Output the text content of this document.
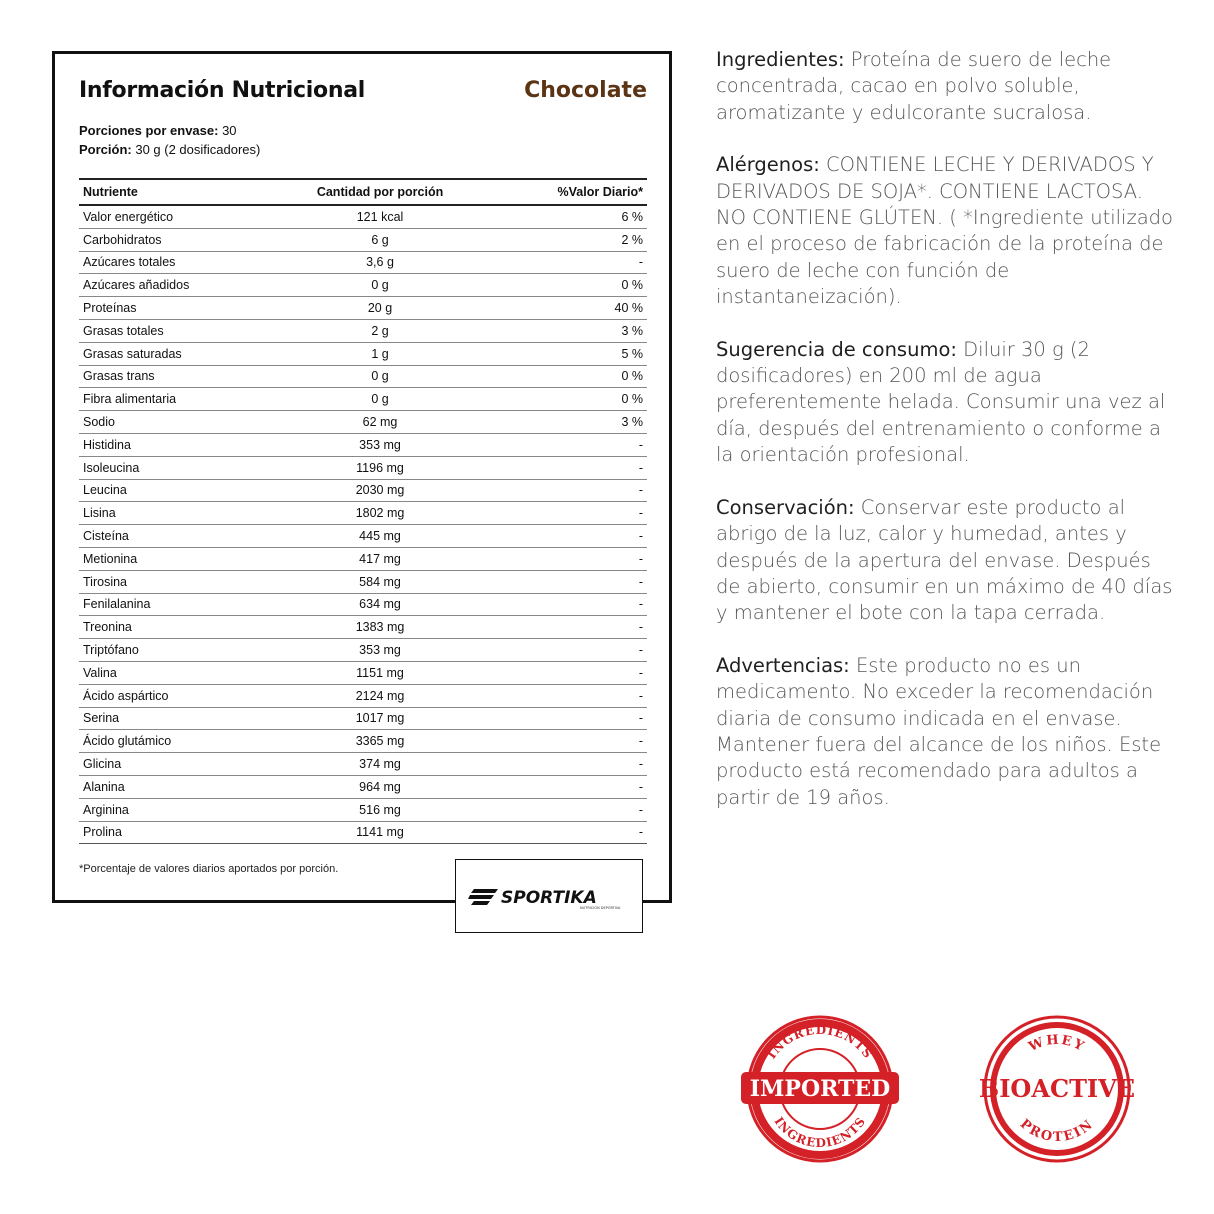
Información Nutricional	Chocolate
Porciones por envase: 30
Porción: 30 g (2 dosificadores)
Nutriente	Cantidad por porción	%Valor Diario*
Valor energético	121 kcal	6 %
Carbohidratos	6 g	2 %
Azúcares totales	3,6 g	-
Azúcares añadidos	0 g	0 %
Proteínas	20 g	40 %
Grasas totales	2 g	3 %
Grasas saturadas	1 g	5 %
Grasas trans	0 g	0 %
Fibra alimentaria	0 g	0 %
Sodio	62 mg	3 %
Histidina	353 mg	-
Isoleucina	1196 mg	-
Leucina	2030 mg	-
Lisina	1802 mg	-
Cisteína	445 mg	-
Metionina	417 mg	-
Tirosina	584 mg	-
Fenilalanina	634 mg	-
Treonina	1383 mg	-
Triptófano	353 mg	-
Valina	1151 mg	-
Ácido aspártico	2124 mg	-
Serina	1017 mg	-
Ácido glutámico	3365 mg	-
Glicina	374 mg	-
Alanina	964 mg	-
Arginina	516 mg	-
Prolina	1141 mg	-
*Porcentaje de valores diarios aportados por porción.
SPORTIKA
NUTRICIÓN DEPORTIVA

Ingredientes: Proteína de suero de leche concentrada, cacao en polvo soluble, aromatizante y edulcorante sucralosa.

Alérgenos: CONTIENE LECHE Y DERIVADOS Y DERIVADOS DE SOJA*. CONTIENE LACTOSA. NO CONTIENE GLÚTEN. ( *Ingrediente utilizado en el proceso de fabricación de la proteína de suero de leche con función de instantaneización).

Sugerencia de consumo: Diluir 30 g (2 dosificadores) en 200 ml de agua preferentemente helada. Consumir una vez al día, después del entrenamiento o conforme a la orientación profesional.

Conservación: Conservar este producto al abrigo de la luz, calor y humedad, antes y después de la apertura del envase. Después de abierto, consumir en un máximo de 40 días y mantener el bote con la tapa cerrada.

Advertencias: Este producto no es un medicamento. No exceder la recomendación diaria de consumo indicada en el envase. Mantener fuera del alcance de los niños. Este producto está recomendado para adultos a partir de 19 años.

INGREDIENTS
INGREDIENTS
IMPORTED
WHEY
PROTEIN
BIOACTIVE
